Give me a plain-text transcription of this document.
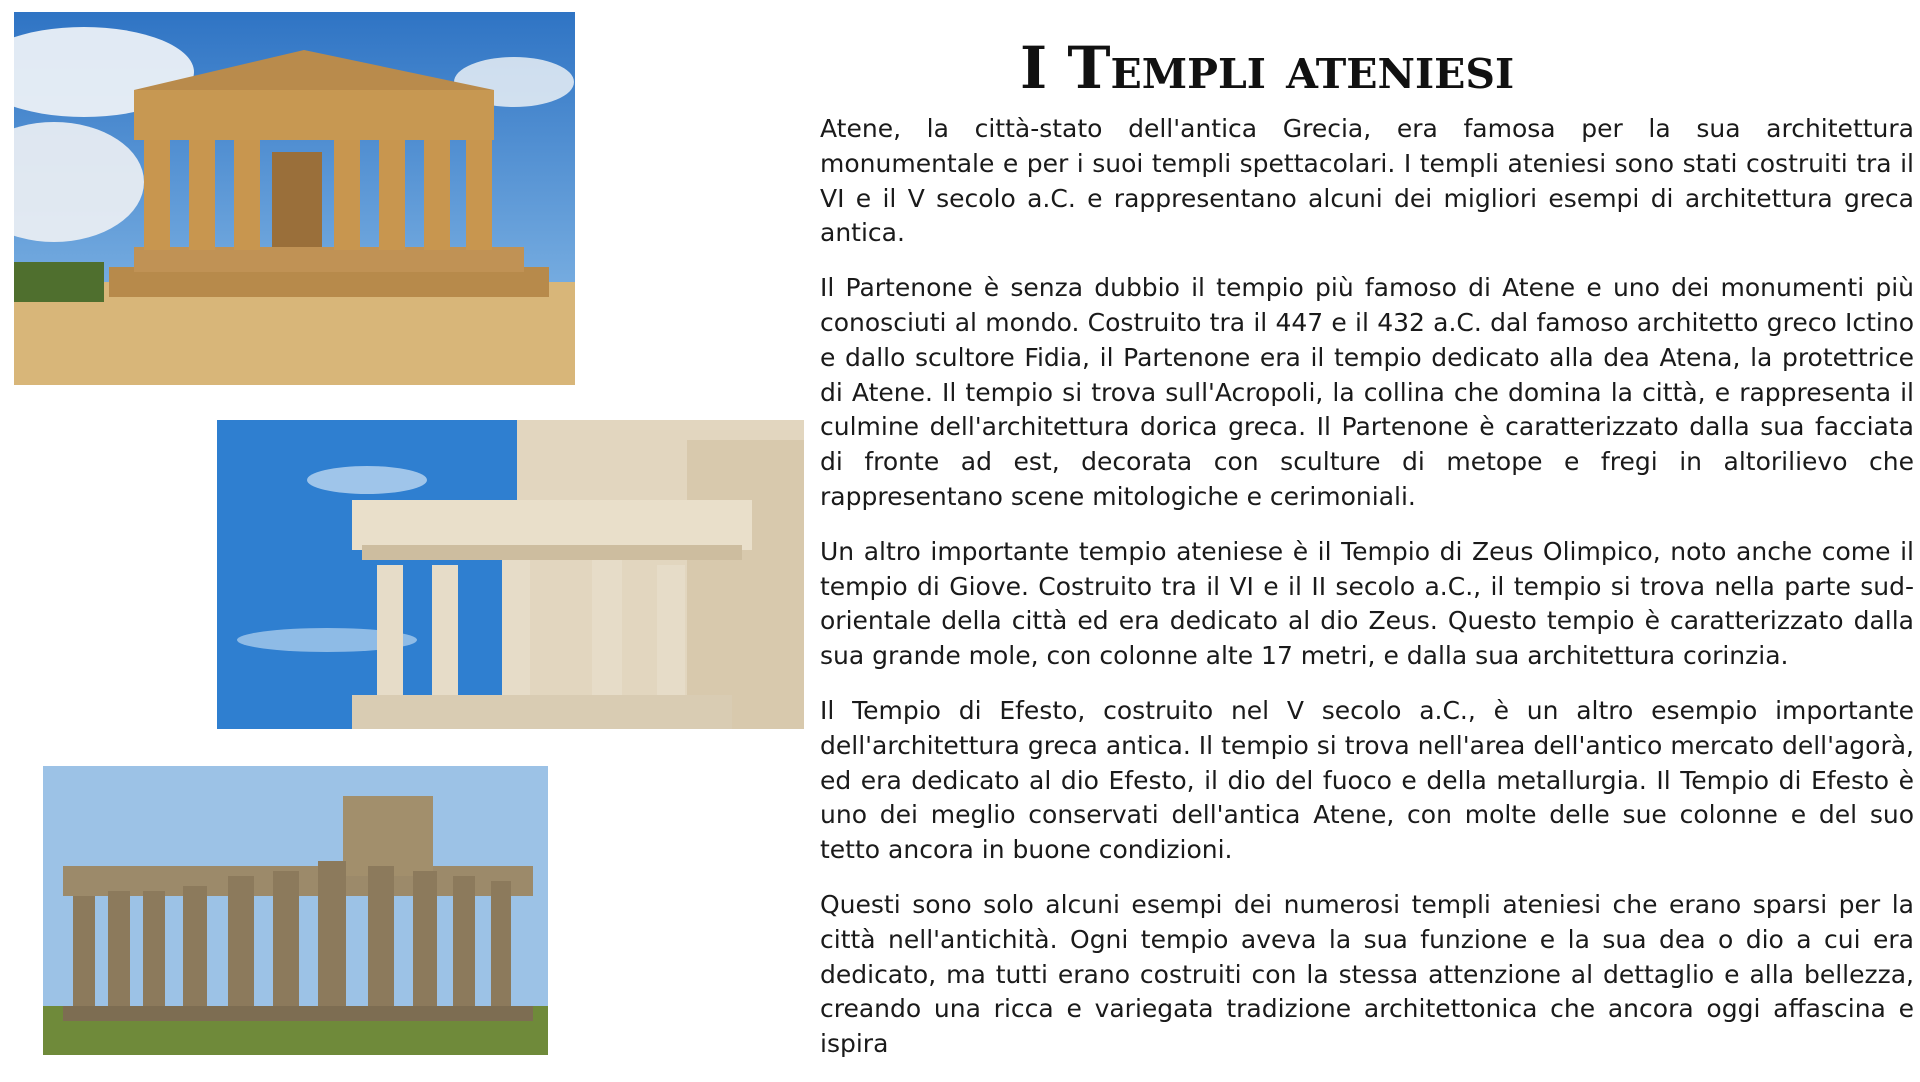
I Templi ateniesi

Atene, la città-stato dell'antica Grecia, era famosa per la sua architettura monumentale e per i suoi templi spettacolari. I templi ateniesi sono stati costruiti tra il VI e il V secolo a.C. e rappresentano alcuni dei migliori esempi di architettura greca antica.

Il Partenone è senza dubbio il tempio più famoso di Atene e uno dei monumenti più conosciuti al mondo. Costruito tra il 447 e il 432 a.C. dal famoso architetto greco Ictino e dallo scultore Fidia, il Partenone era il tempio dedicato alla dea Atena, la protettrice di Atene. Il tempio si trova sull'Acropoli, la collina che domina la città, e rappresenta il culmine dell'architettura dorica greca. Il Partenone è caratterizzato dalla sua facciata di fronte ad est, decorata con sculture di metope e fregi in altorilievo che rappresentano scene mitologiche e cerimoniali.

Un altro importante tempio ateniese è il Tempio di Zeus Olimpico, noto anche come il tempio di Giove. Costruito tra il VI e il II secolo a.C., il tempio si trova nella parte sud-orientale della città ed era dedicato al dio Zeus. Questo tempio è caratterizzato dalla sua grande mole, con colonne alte 17 metri, e dalla sua architettura corinzia.

Il Tempio di Efesto, costruito nel V secolo a.C., è un altro esempio importante dell'architettura greca antica. Il tempio si trova nell'area dell'antico mercato dell'agorà, ed era dedicato al dio Efesto, il dio del fuoco e della metallurgia. Il Tempio di Efesto è uno dei meglio conservati dell'antica Atene, con molte delle sue colonne e del suo tetto ancora in buone condizioni.

Questi sono solo alcuni esempi dei numerosi templi ateniesi che erano sparsi per la città nell'antichità. Ogni tempio aveva la sua funzione e la sua dea o dio a cui era dedicato, ma tutti erano costruiti con la stessa attenzione al dettaglio e alla bellezza, creando una ricca e variegata tradizione architettonica che ancora oggi affascina e ispira
